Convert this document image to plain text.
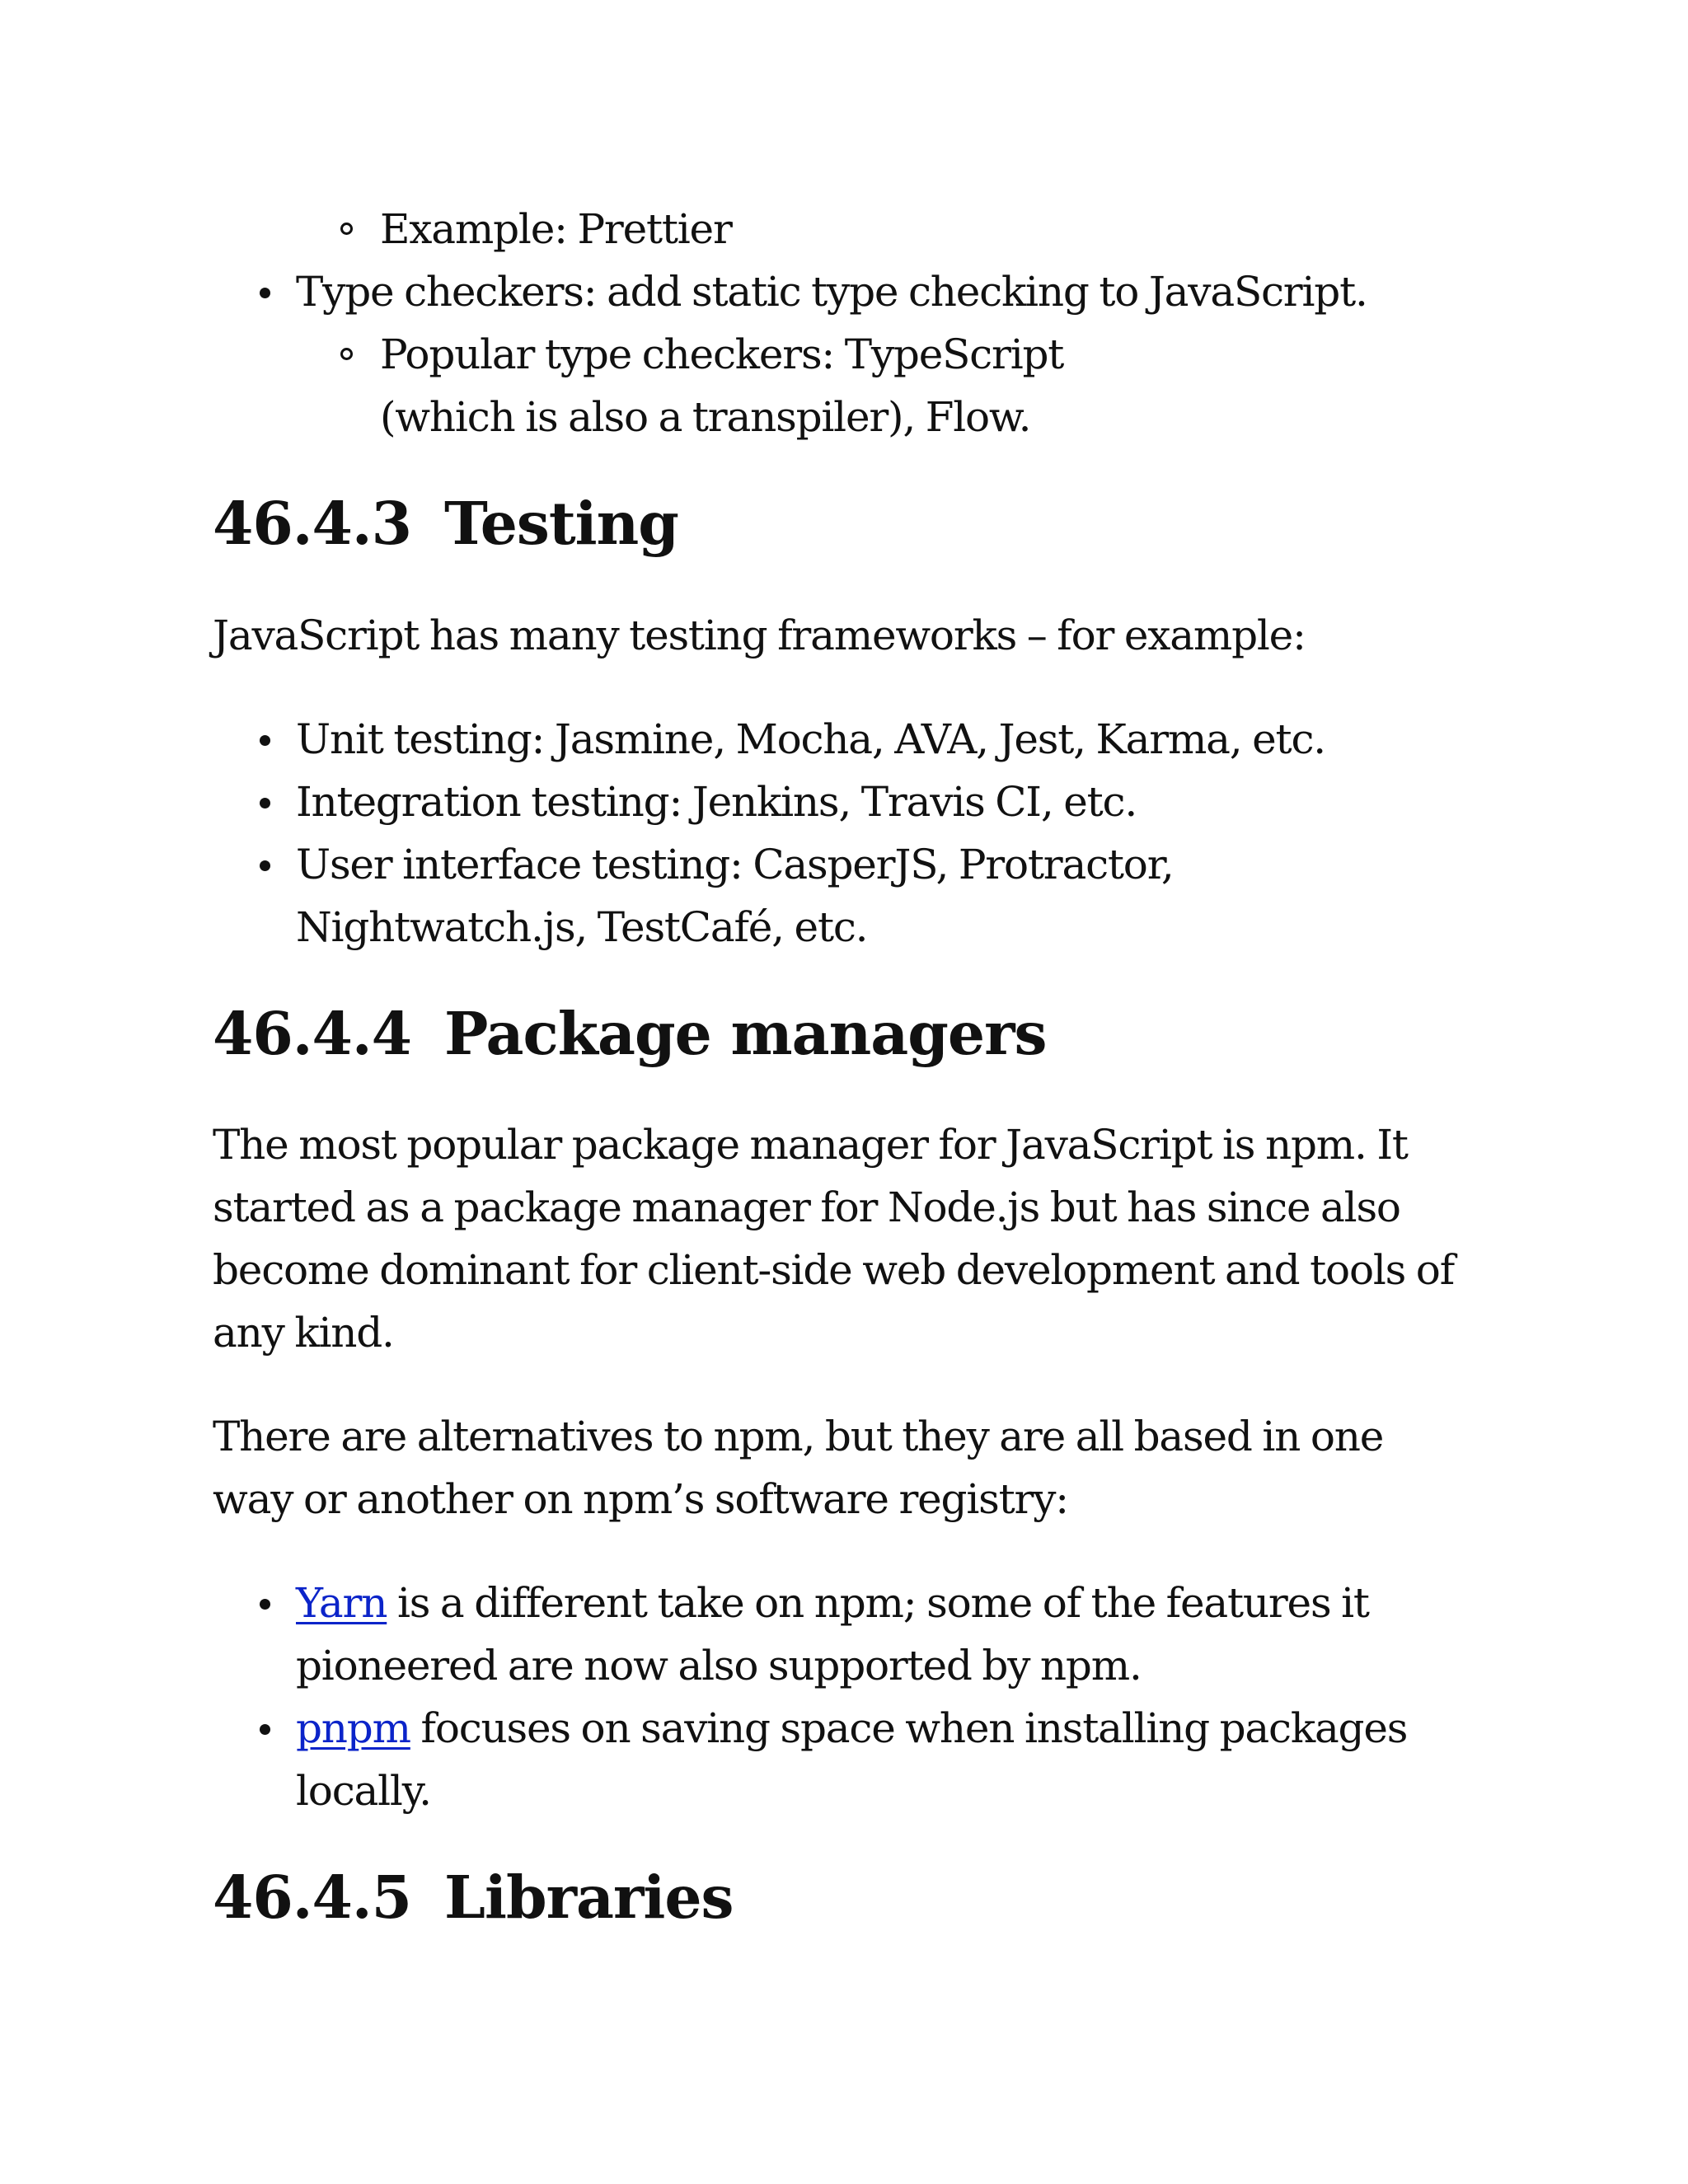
Example: Prettier
Type checkers: add static type checking to JavaScript.
Popular type checkers: TypeScript (which is also a transpiler), Flow.
46.4.3 Testing

JavaScript has many testing frameworks – for example:

Unit testing: Jasmine, Mocha, AVA, Jest, Karma, etc.
Integration testing: Jenkins, Travis CI, etc.
User interface testing: CasperJS, Protractor, Nightwatch.js, TestCafé, etc.
46.4.4 Package managers

The most popular package manager for JavaScript is npm. It started as a package manager for Node.js but has since also become dominant for client-side web development and tools of any kind.

There are alternatives to npm, but they are all based in one way or another on npm’s software registry:

Yarn is a different take on npm; some of the features it pioneered are now also supported by npm.
pnpm focuses on saving space when installing packages locally.
46.4.5 Libraries
